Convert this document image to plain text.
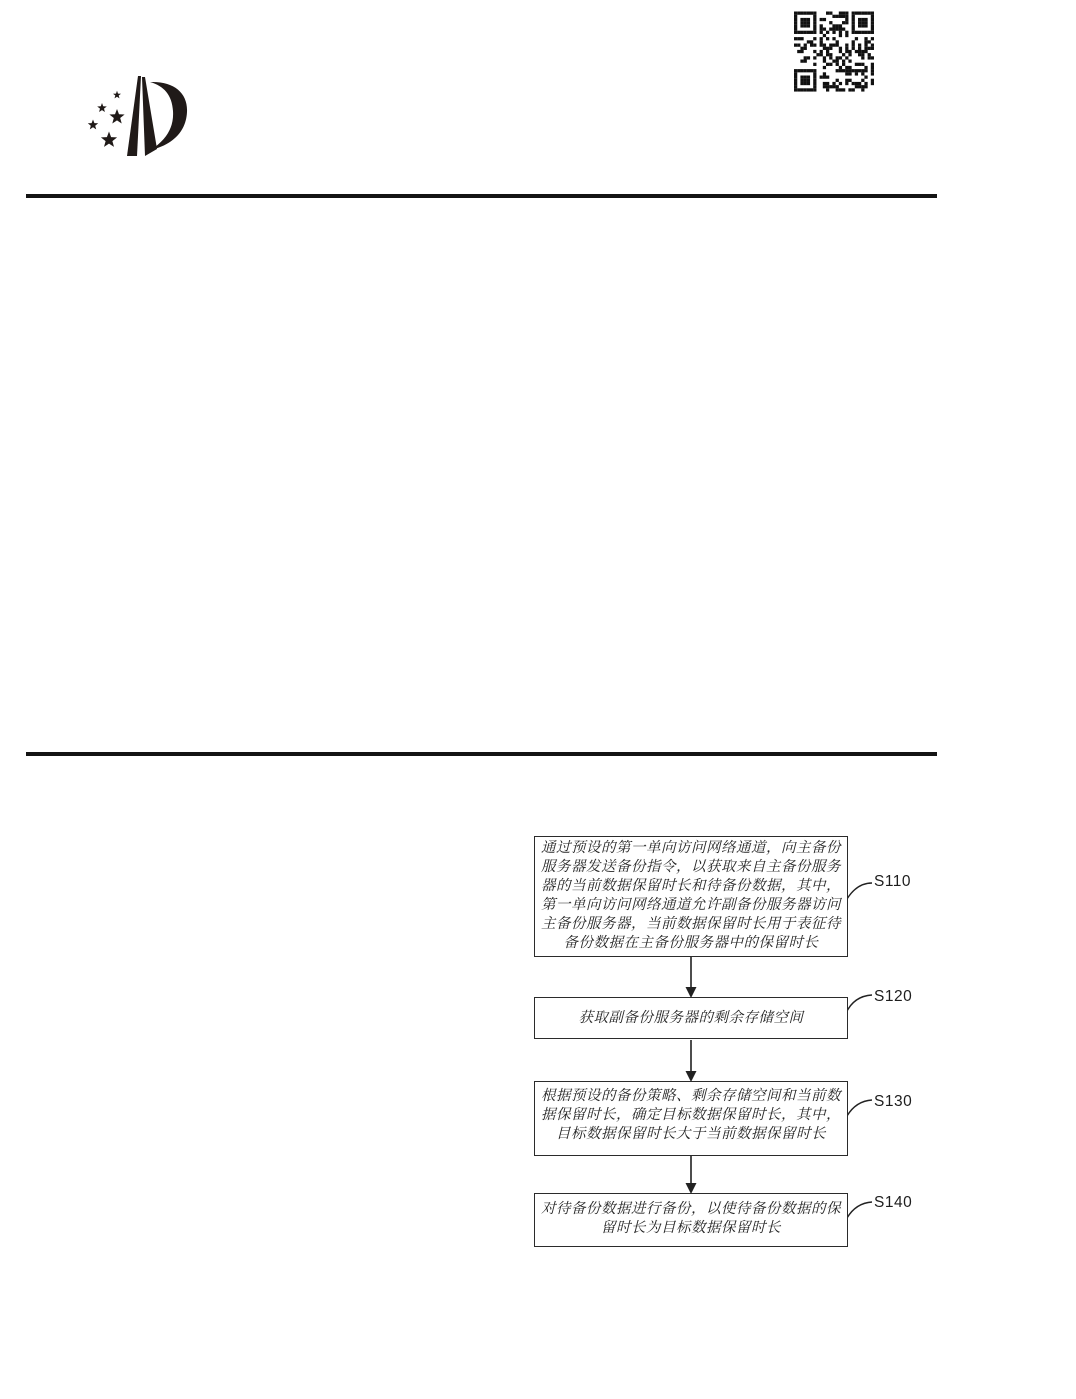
通过预设的第一单向访问网络通道，向主备份
服务器发送备份指令，以获取来自主备份服务
器的当前数据保留时长和待备份数据，其中，
第一单向访问网络通道允许副备份服务器访问
主备份服务器，当前数据保留时长用于表征待
备份数据在主备份服务器中的保留时长
获取副备份服务器的剩余存储空间
根据预设的备份策略、剩余存储空间和当前数
据保留时长，确定目标数据保留时长，其中，
目标数据保留时长大于当前数据保留时长
对待备份数据进行备份，以使待备份数据的保
留时长为目标数据保留时长
S110
S120
S130
S140
